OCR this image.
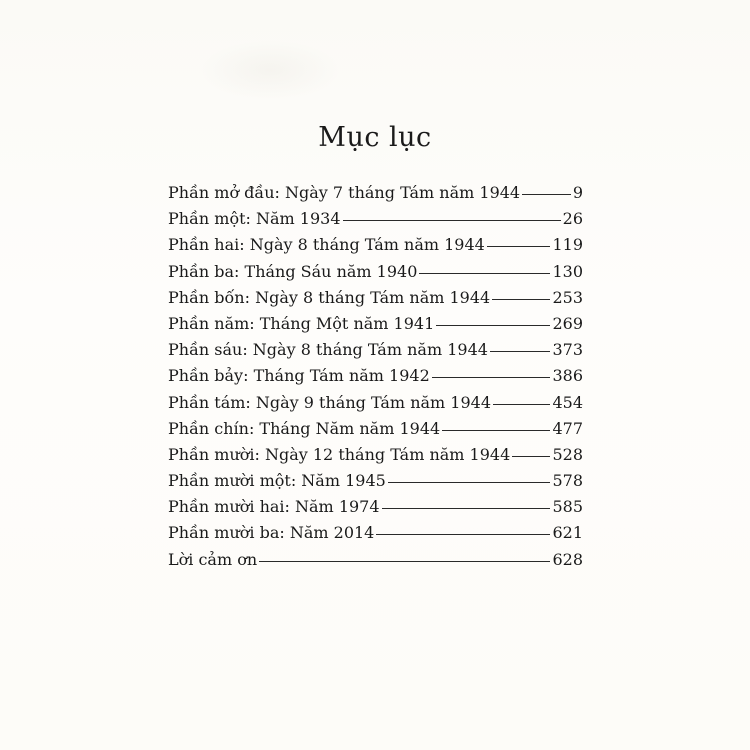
Mục lục
Phần mở đầu: Ngày 7 tháng Tám năm 1944	9
Phần một: Năm 1934	26
Phần hai: Ngày 8 tháng Tám năm 1944	119
Phần ba: Tháng Sáu năm 1940	130
Phần bốn: Ngày 8 tháng Tám năm 1944	253
Phần năm: Tháng Một năm 1941	269
Phần sáu: Ngày 8 tháng Tám năm 1944	373
Phần bảy: Tháng Tám năm 1942	386
Phần tám: Ngày 9 tháng Tám năm 1944	454
Phần chín: Tháng Năm năm 1944	477
Phần mười: Ngày 12 tháng Tám năm 1944	528
Phần mười một: Năm 1945	578
Phần mười hai: Năm 1974	585
Phần mười ba: Năm 2014	621
Lời cảm ơn	628
